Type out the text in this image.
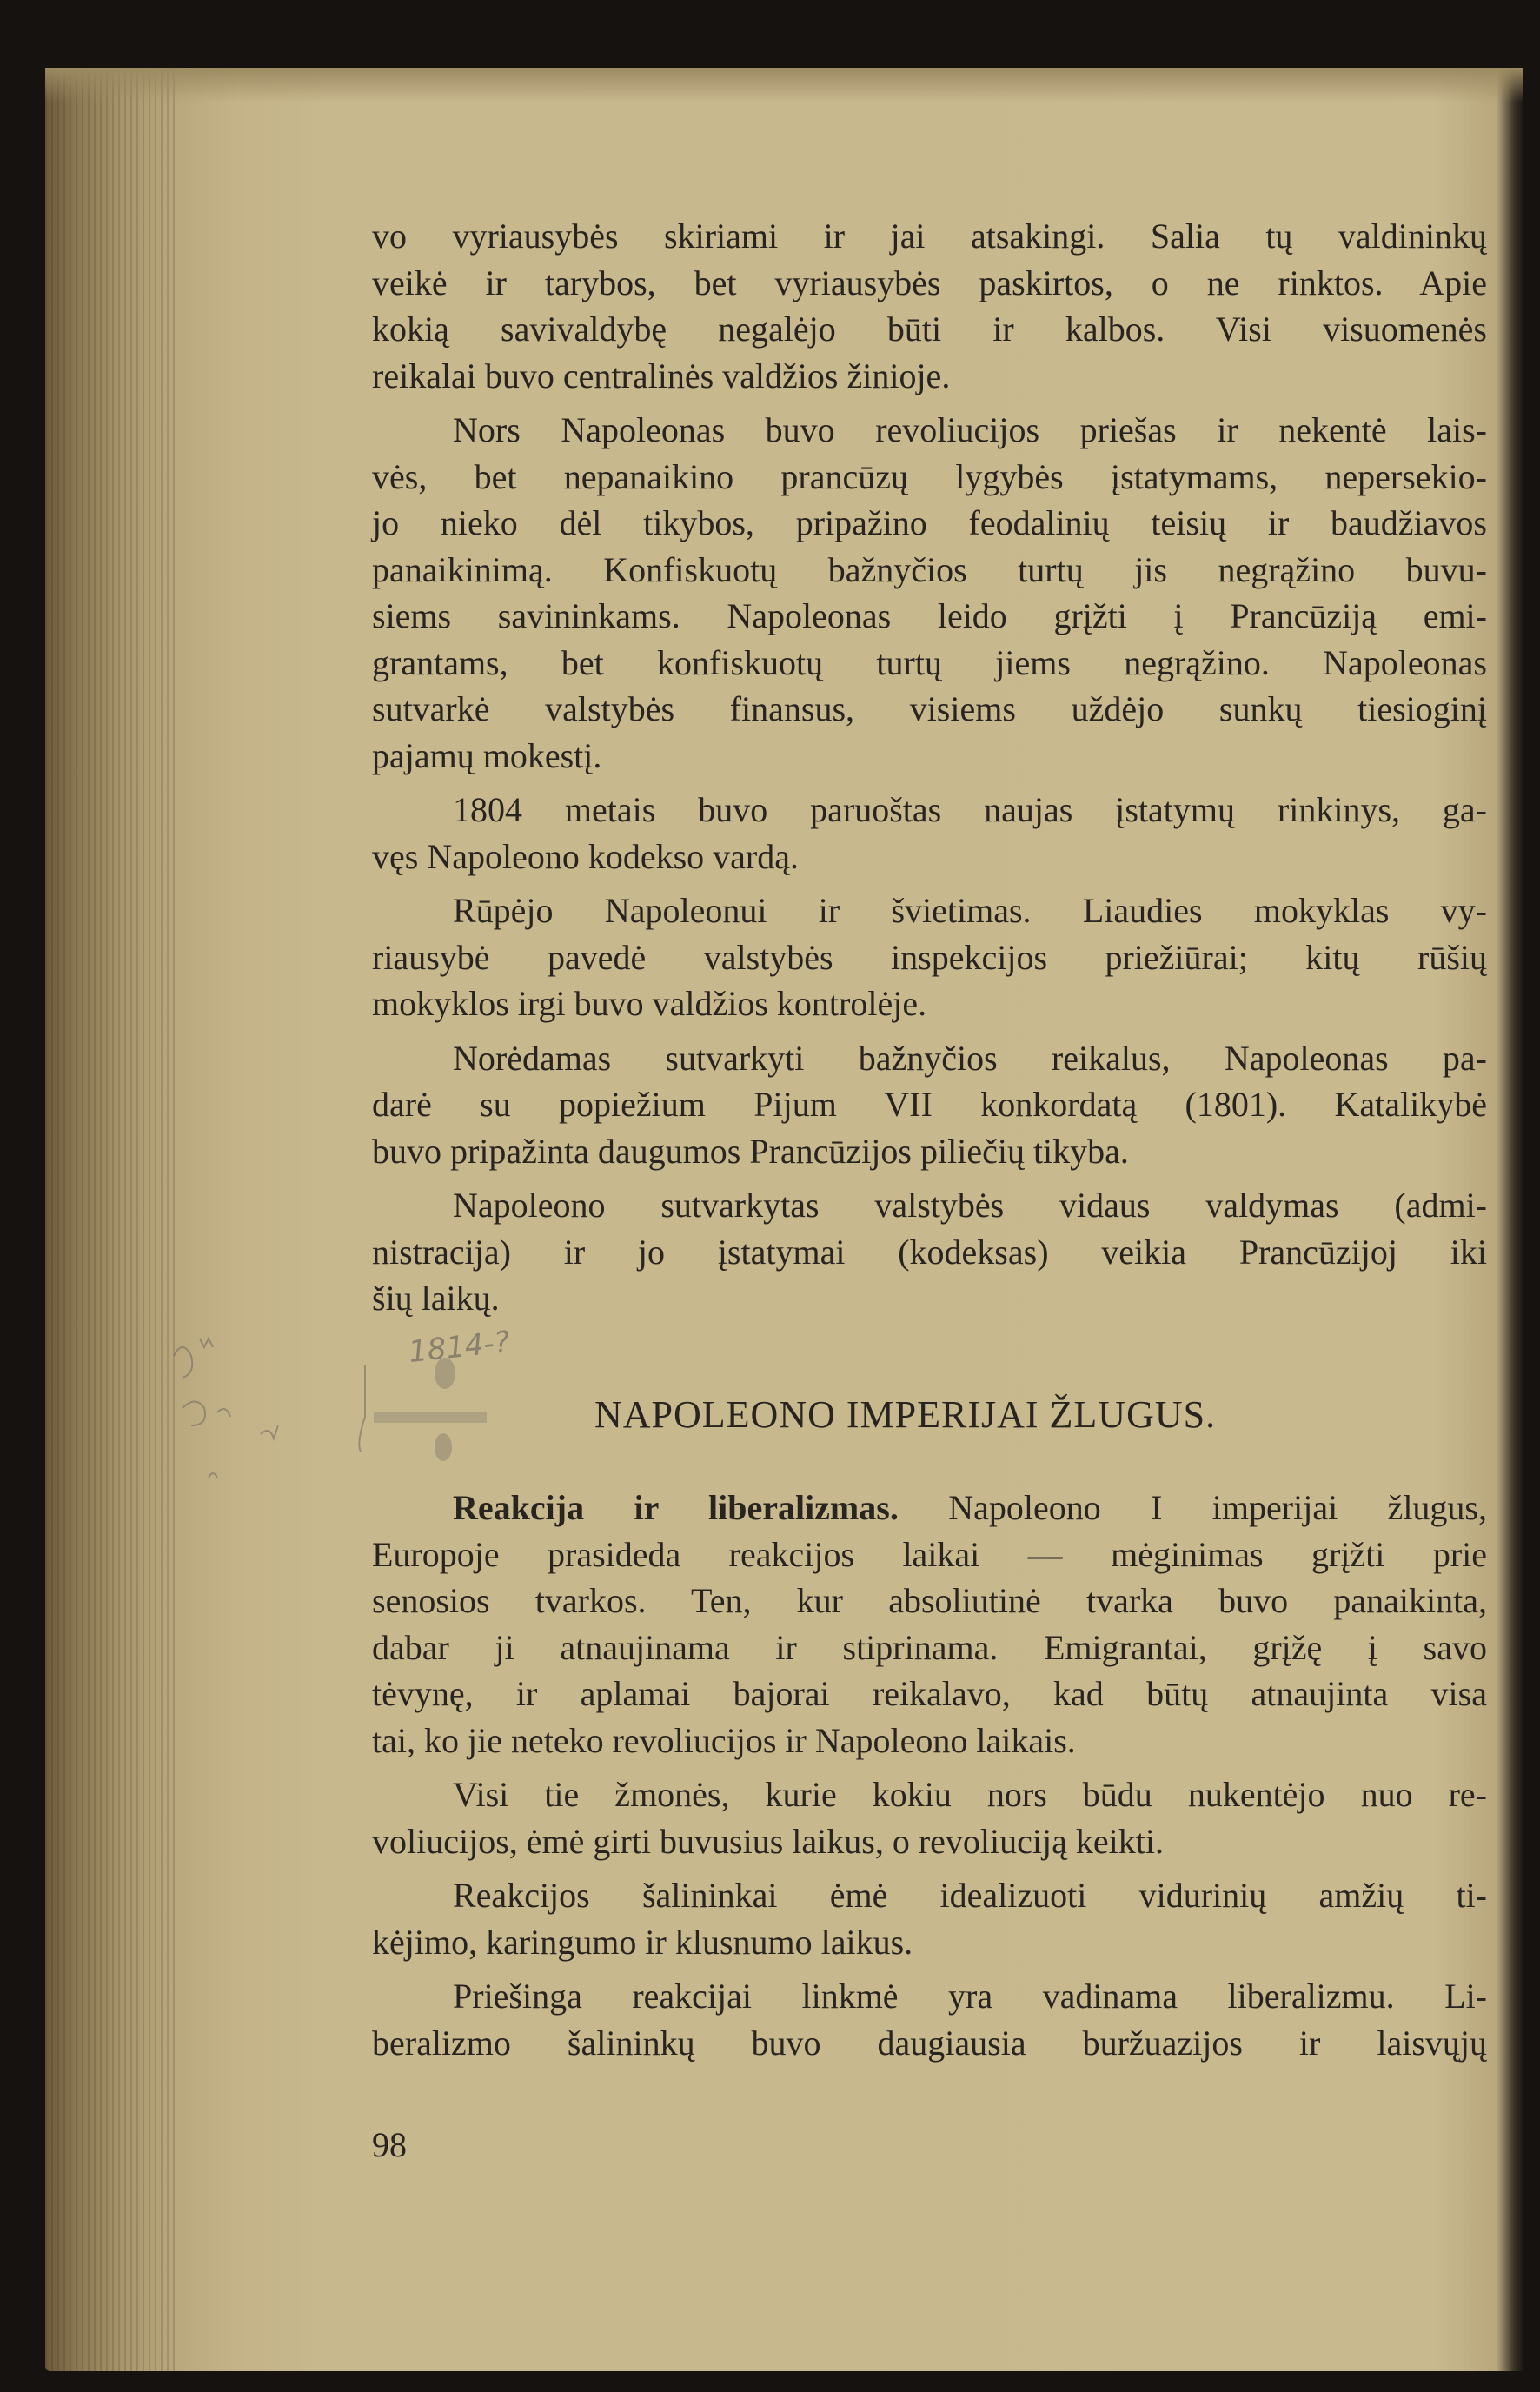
1814-?
vo vyriausybės skiriami ir jai atsakingi. Salia tų valdininkų
veikė ir tarybos, bet vyriausybės paskirtos, o ne rinktos. Apie
kokią savivaldybę negalėjo būti ir kalbos. Visi visuomenės
reikalai buvo centralinės valdžios žinioje.
Nors Napoleonas buvo revoliucijos priešas ir nekentė lais-
vės, bet nepanaikino prancūzų lygybės įstatymams, nepersekio-
jo nieko dėl tikybos, pripažino feodalinių teisių ir baudžiavos
panaikinimą. Konfiskuotų bažnyčios turtų jis negrąžino buvu-
siems savininkams. Napoleonas leido grįžti į Prancūziją emi-
grantams, bet konfiskuotų turtų jiems negrąžino. Napoleonas
sutvarkė valstybės finansus, visiems uždėjo sunkų tiesioginį
pajamų mokestį.
1804 metais buvo paruoštas naujas įstatymų rinkinys, ga-
vęs Napoleono kodekso vardą.
Rūpėjo Napoleonui ir švietimas. Liaudies mokyklas vy-
riausybė pavedė valstybės inspekcijos priežiūrai; kitų rūšių
mokyklos irgi buvo valdžios kontrolėje.
Norėdamas sutvarkyti bažnyčios reikalus, Napoleonas pa-
darė su popiežium Pijum VII konkordatą (1801). Katalikybė
buvo pripažinta daugumos Prancūzijos piliečių tikyba.
Napoleono sutvarkytas valstybės vidaus valdymas (admi-
nistracija) ir jo įstatymai (kodeksas) veikia Prancūzijoj iki
šių laikų.
NAPOLEONO IMPERIJAI ŽLUGUS.
Reakcija ir liberalizmas. Napoleono I imperijai žlugus,
Europoje prasideda reakcijos laikai — mėginimas grįžti prie
senosios tvarkos. Ten, kur absoliutinė tvarka buvo panaikinta,
dabar ji atnaujinama ir stiprinama. Emigrantai, grįžę į savo
tėvynę, ir aplamai bajorai reikalavo, kad būtų atnaujinta visa
tai, ko jie neteko revoliucijos ir Napoleono laikais.
Visi tie žmonės, kurie kokiu nors būdu nukentėjo nuo re-
voliucijos, ėmė girti buvusius laikus, o revoliuciją keikti.
Reakcijos šalininkai ėmė idealizuoti vidurinių amžių ti-
kėjimo, karingumo ir klusnumo laikus.
Priešinga reakcijai linkmė yra vadinama liberalizmu. Li-
beralizmo šalininkų buvo daugiausia buržuazijos ir laisvųjų
98
